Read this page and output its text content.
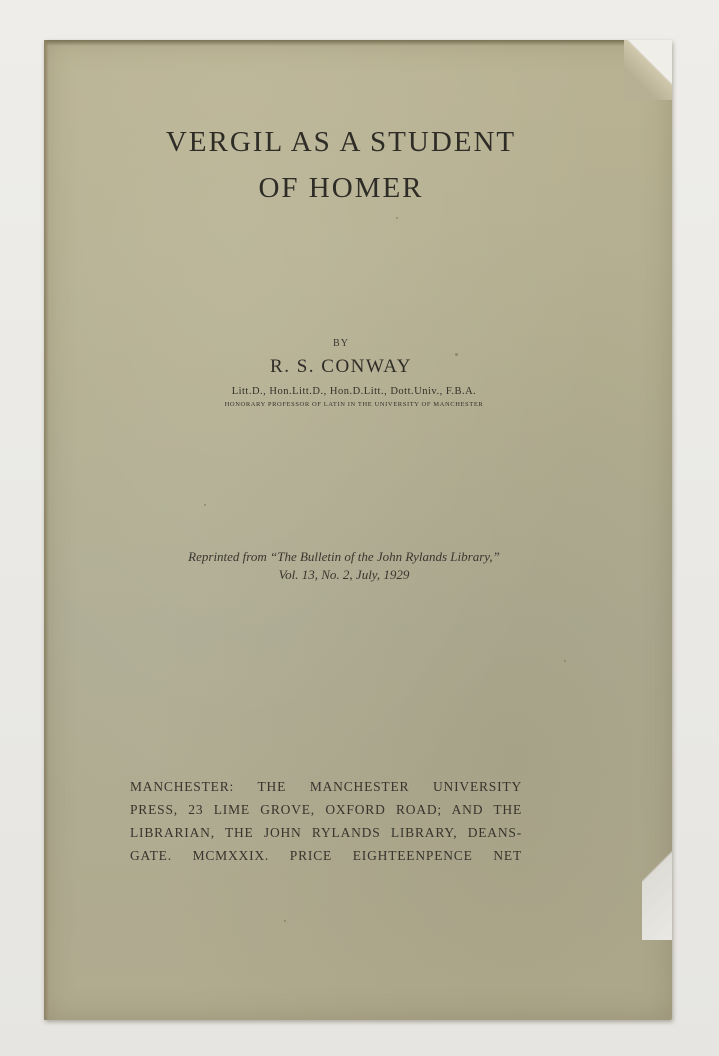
VERGIL AS A STUDENT
OF HOMER
BY
R. S. CONWAY
Litt.D., Hon.Litt.D., Hon.D.Litt., Dott.Univ., F.B.A.
HONORARY PROFESSOR OF LATIN IN THE UNIVERSITY OF MANCHESTER
Reprinted from “The Bulletin of the John Rylands Library,”
Vol. 13, No. 2, July, 1929
MANCHESTER: THE MANCHESTER UNIVERSITY
PRESS, 23 LIME GROVE, OXFORD ROAD; AND THE
LIBRARIAN, THE JOHN RYLANDS LIBRARY, DEANS-
GATE. MCMXXIX. PRICE EIGHTEENPENCE NET
